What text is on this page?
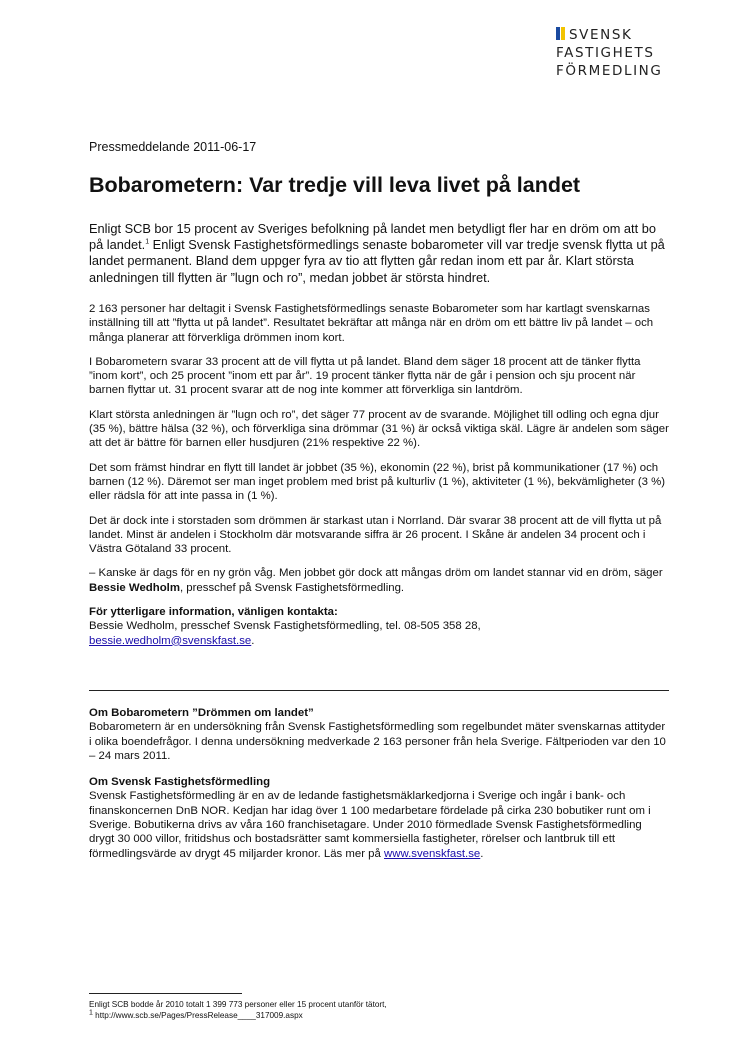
SVENSK
FASTIGHETS
FÖRMEDLING
Pressmeddelande 2011-06-17
Bobarometern: Var tredje vill leva livet på landet

Enligt SCB bor 15 procent av Sveriges befolkning på landet men betydligt fler har en dröm om att bo på landet.$^1$ Enligt Svensk Fastighetsförmedlings senaste bobarometer vill var tredje svensk flytta ut på landet permanent. Bland dem uppger fyra av tio att flytten går redan inom ett par år. Klart största anledningen till flytten är ”lugn och ro”, medan jobbet är största hindret.

2 163 personer har deltagit i Svensk Fastighetsförmedlings senaste Bobarometer som har kartlagt svenskarnas inställning till att ”flytta ut på landet”. Resultatet bekräftar att många när en dröm om ett bättre liv på landet – och många planerar att förverkliga drömmen inom kort.

I Bobarometern svarar 33 procent att de vill flytta ut på landet. Bland dem säger 18 procent att de tänker flytta ”inom kort”, och 25 procent ”inom ett par år”. 19 procent tänker flytta när de går i pension och sju procent när barnen flyttar ut. 31 procent svarar att de nog inte kommer att förverkliga sin lantdröm.

Klart största anledningen är ”lugn och ro”, det säger 77 procent av de svarande. Möjlighet till odling och egna djur (35 %), bättre hälsa (32 %), och förverkliga sina drömmar (31 %) är också viktiga skäl. Lägre är andelen som säger att det är bättre för barnen eller husdjuren (21% respektive 22 %).

Det som främst hindrar en flytt till landet är jobbet (35 %), ekonomin (22 %), brist på kommunikationer (17 %) och barnen (12 %). Däremot ser man inget problem med brist på kulturliv (1 %), aktiviteter (1 %), bekvämligheter (3 %) eller rädsla för att inte passa in (1 %).

Det är dock inte i storstaden som drömmen är starkast utan i Norrland. Där svarar 38 procent att de vill flytta ut på landet. Minst är andelen i Stockholm där motsvarande siffra är 26 procent. I Skåne är andelen 34 procent och i Västra Götaland 33 procent.

– Kanske är dags för en ny grön våg. Men jobbet gör dock att mångas dröm om landet stannar vid en dröm, säger Bessie Wedholm, presschef på Svensk Fastighetsförmedling.

För ytterligare information, vänligen kontakta:
Bessie Wedholm, presschef Svensk Fastighetsförmedling, tel. 08-505 358 28,
bessie.wedholm@svenskfast.se.

Om Bobarometern ”Drömmen om landet”

Bobarometern är en undersökning från Svensk Fastighetsförmedling som regelbundet mäter svenskarnas attityder i olika boendefrågor. I denna undersökning medverkade 2 163 personer från hela Sverige. Fältperioden var den 10 – 24 mars 2011.

Om Svensk Fastighetsförmedling

Svensk Fastighetsförmedling är en av de ledande fastighetsmäklarkedjorna i Sverige och ingår i bank- och finanskoncernen DnB NOR. Kedjan har idag över 1 100 medarbetare fördelade på cirka 230 bobutiker runt om i Sverige. Bobutikerna drivs av våra 160 franchisetagare. Under 2010 förmedlade Svensk Fastighetsförmedling drygt 30 000 villor, fritidshus och bostadsrätter samt kommersiella fastigheter, rörelser och lantbruk till ett förmedlingsvärde av drygt 45 miljarder kronor. Läs mer på www.svenskfast.se.

Enligt SCB bodde år 2010 totalt 1 399 773 personer eller 15 procent utanför tätort,
$^1$ http://www.scb.se/Pages/PressRelease____317009.aspx
